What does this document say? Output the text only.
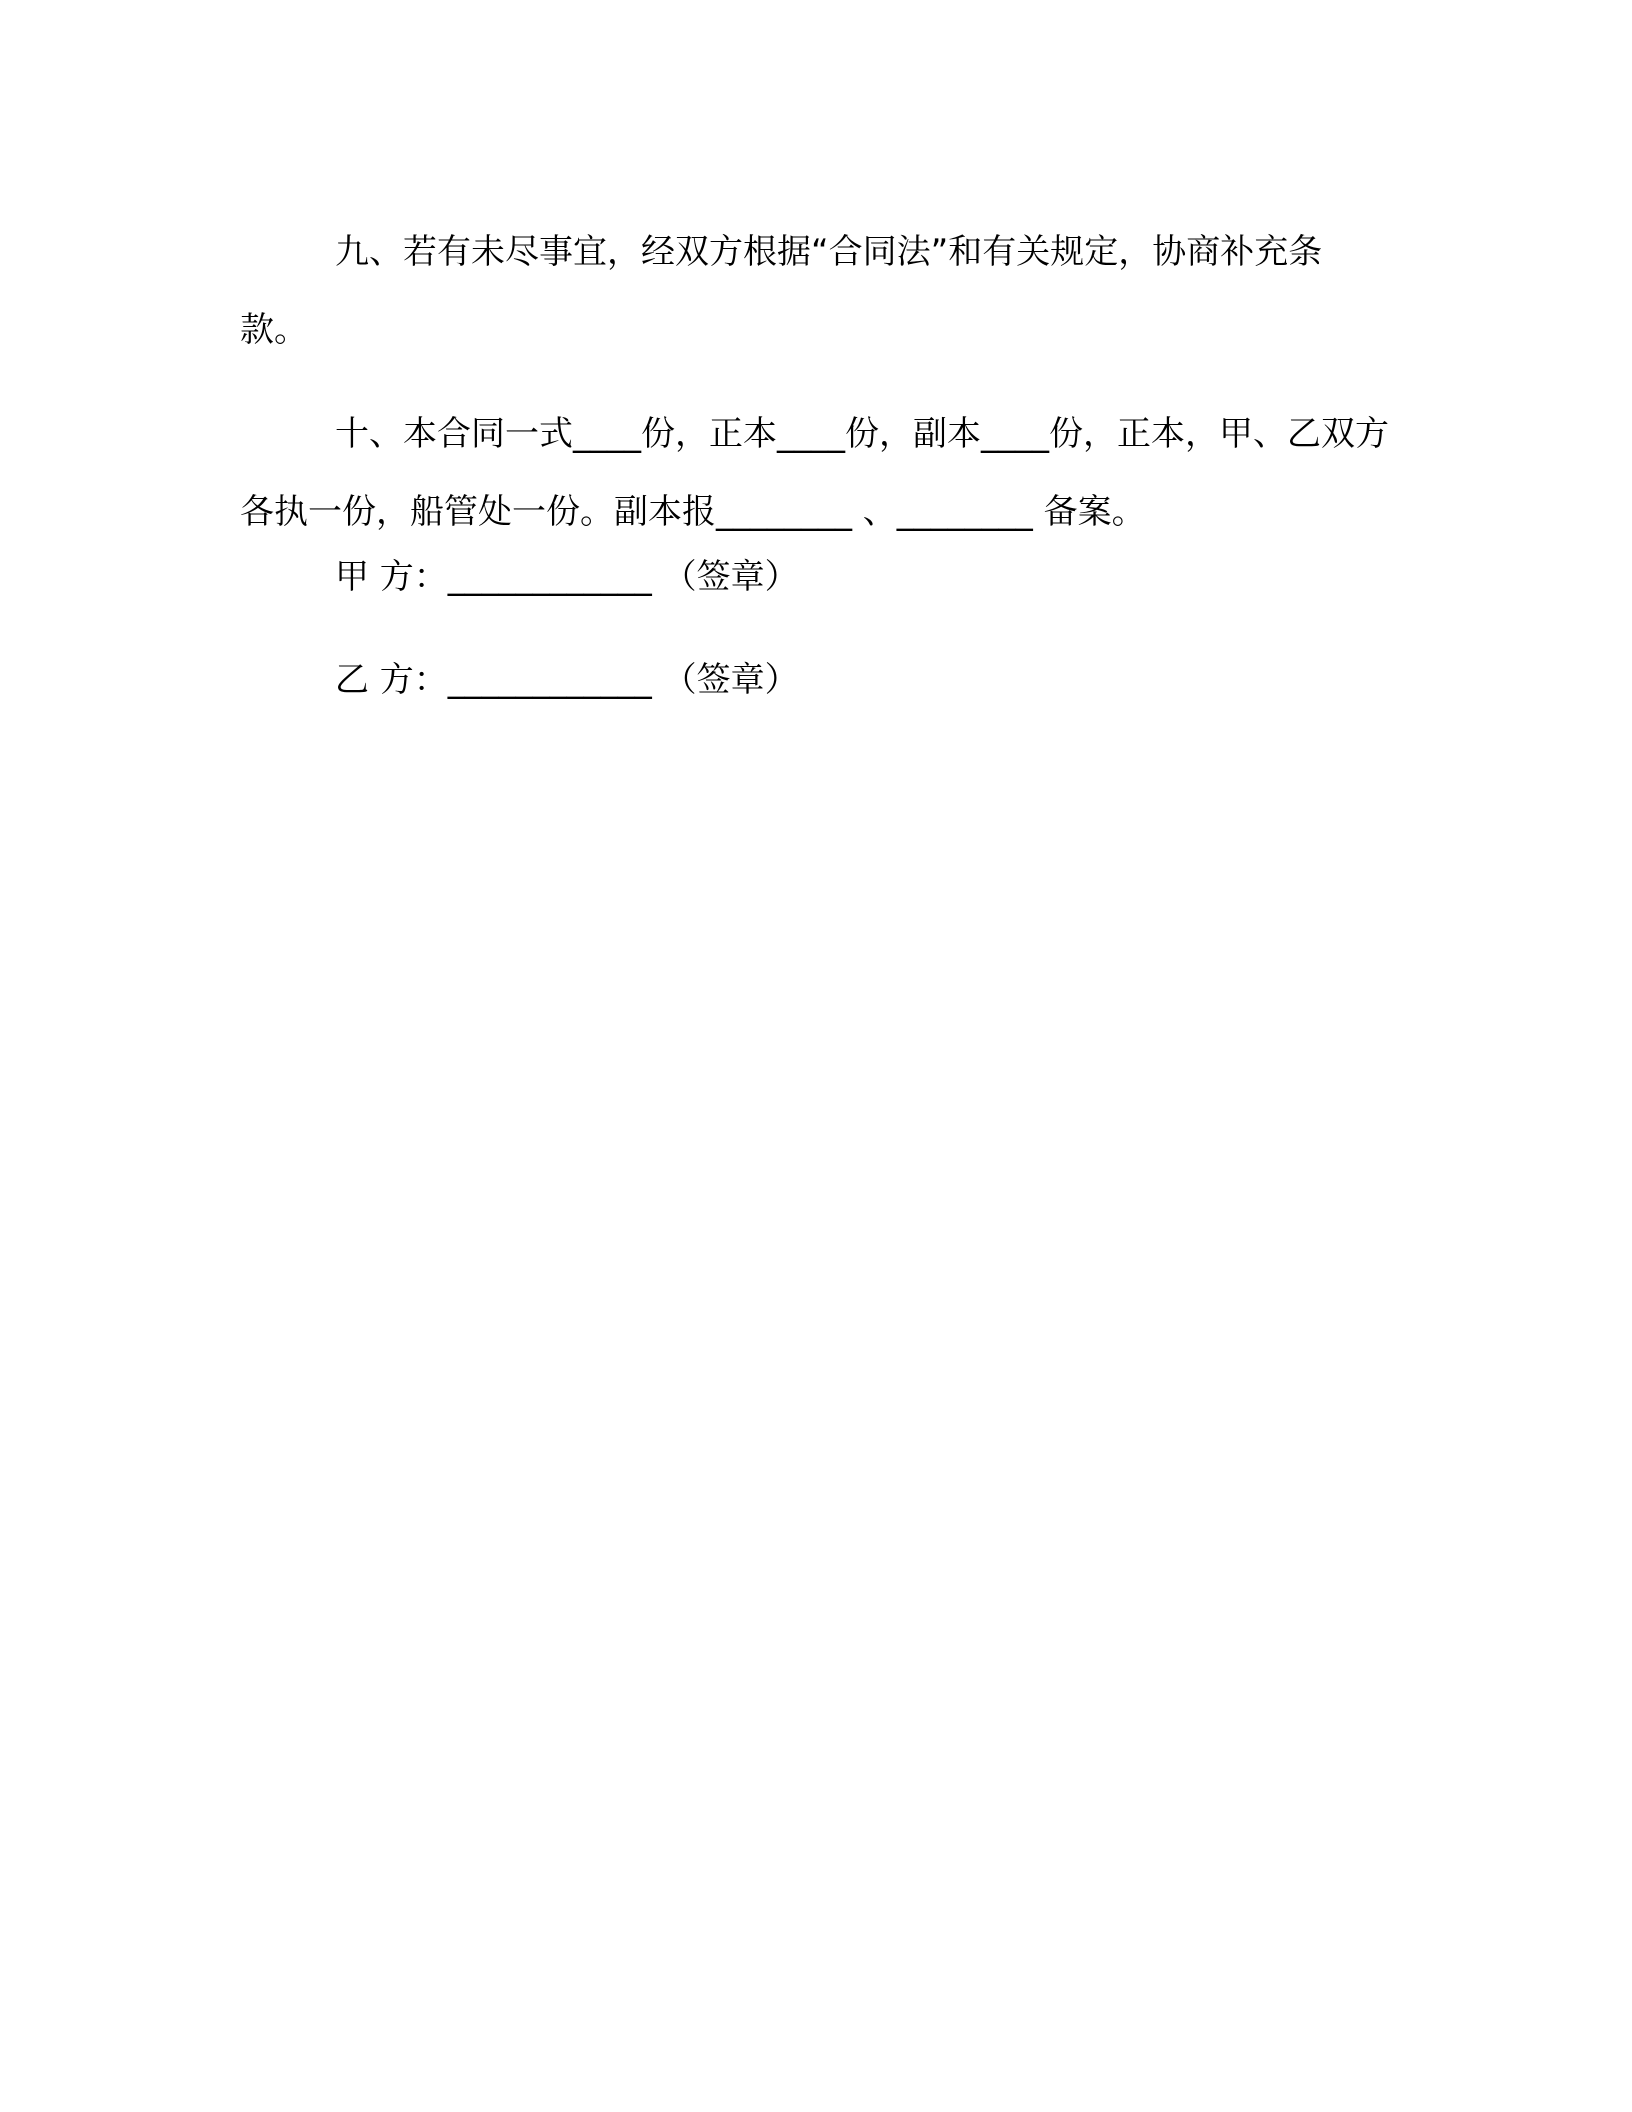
九、若有未尽事宜，经双方根据“合同法”和有关规定，协商补充条款。

十、本合同一式____份，正本____份，副本____份，正本，甲、乙双方各执一份，船管处一份。副本报________ 、________ 备案。

甲 方：____________ （签章）
乙 方：____________ （签章）
